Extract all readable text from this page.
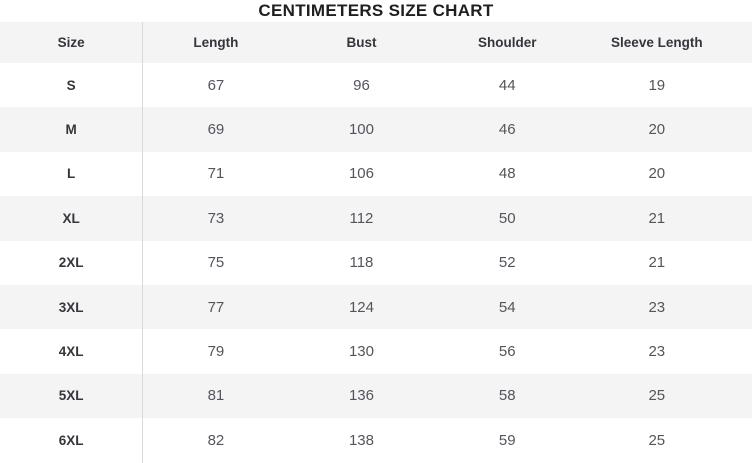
CENTIMETERS SIZE CHART
Size	Length	Bust	Shoulder	Sleeve Length
S	67	96	44	19
M	69	100	46	20
L	71	106	48	20
XL	73	112	50	21
2XL	75	118	52	21
3XL	77	124	54	23
4XL	79	130	56	23
5XL	81	136	58	25
6XL	82	138	59	25
